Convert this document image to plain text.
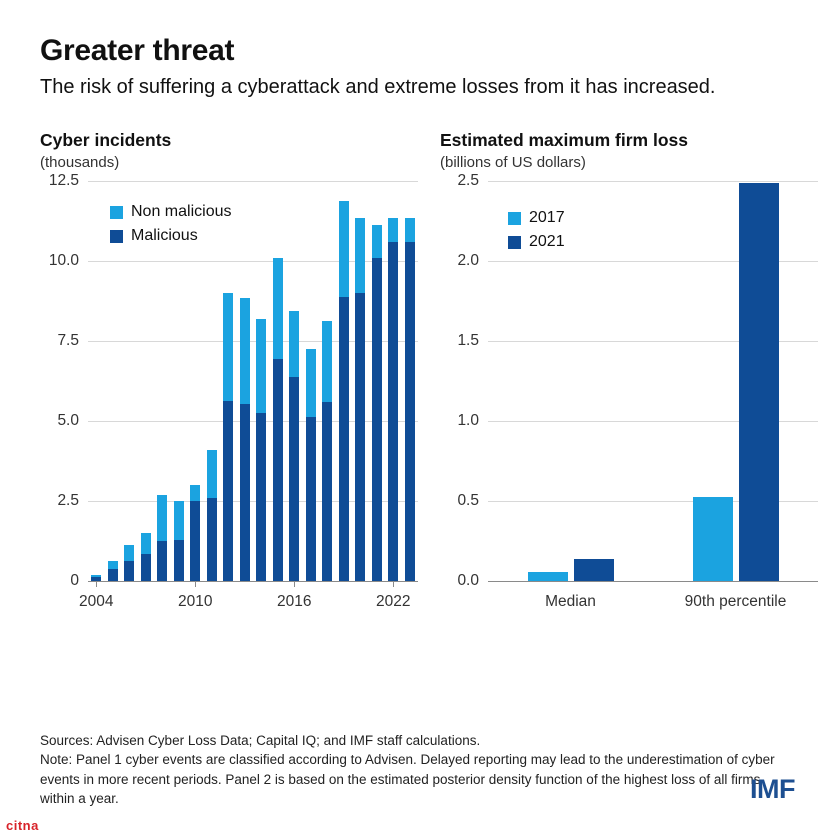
Greater threat
The risk of suffering a cyberattack and extreme losses from it has increased.
Cyber incidents
(thousands)
0
2.5
5.0
7.5
10.0
12.5
2004	2010	2016	2022
Non malicious
Malicious
Estimated maximum firm loss
(billions of US dollars)
0.0
0.5
1.0
1.5
2.0
2.5
Median	90th percentile
2017
2021
Sources: Advisen Cyber Loss Data; Capital IQ; and IMF staff calculations.
Note: Panel 1 cyber events are classified according to Advisen. Delayed reporting may lead to the underestimation of cyber events in more recent periods. Panel 2 is based on the estimated posterior density function of the highest loss of all firms within a year.	IMF
citna
